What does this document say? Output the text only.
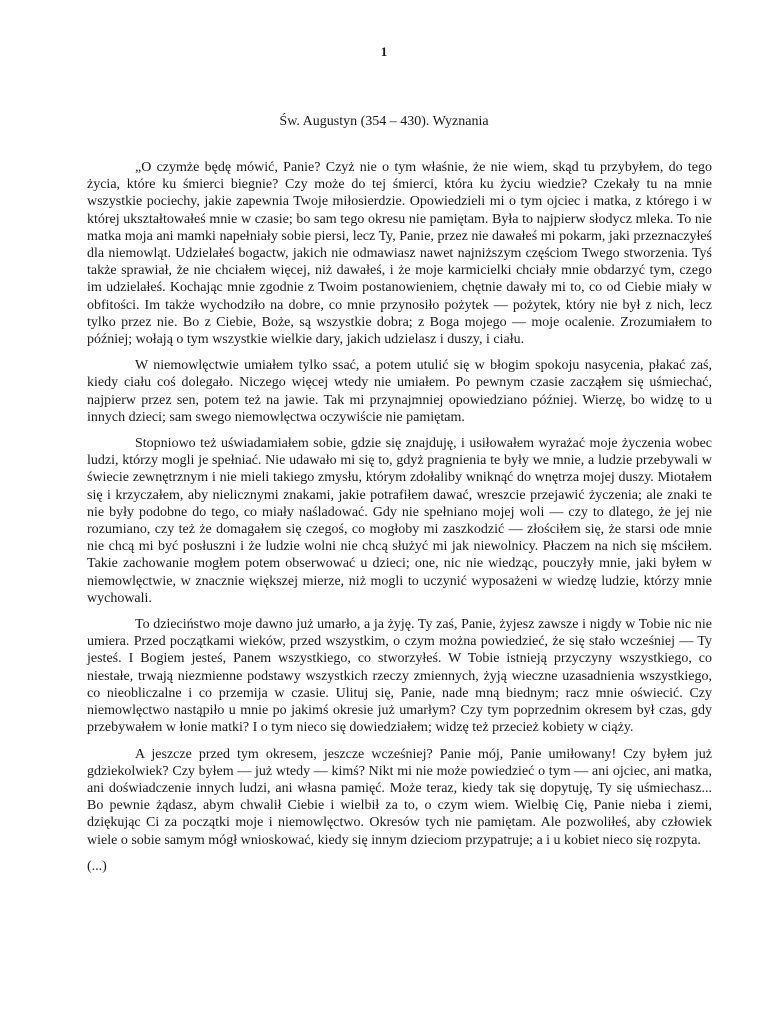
1
Św. Augustyn (354 – 430). Wyznania

„O czymże będę mówić, Panie? Czyż nie o tym właśnie, że nie wiem, skąd tu przybyłem, do tego życia, które ku śmierci biegnie? Czy może do tej śmierci, która ku życiu wiedzie? Czekały tu na mnie wszystkie pociechy, jakie zapewnia Twoje miłosierdzie. Opowiedzieli mi o tym ojciec i matka, z którego i w której ukształtowałeś mnie w czasie; bo sam tego okresu nie pamiętam. Była to najpierw słodycz mleka. To nie matka moja ani mamki napełniały sobie piersi, lecz Ty, Panie, przez nie dawałeś mi pokarm, jaki przeznaczyłeś dla niemowląt. Udzielałeś bogactw, jakich nie odmawiasz nawet najniższym częściom Twego stworzenia. Tyś także sprawiał, że nie chciałem więcej, niż dawałeś, i że moje karmicielki chciały mnie obdarzyć tym, czego im udzielałeś. Kochając mnie zgodnie z Twoim postanowieniem, chętnie dawały mi to, co od Ciebie miały w obfitości. Im także wychodziło na dobre, co mnie przynosiło pożytek — pożytek, który nie był z nich, lecz tylko przez nie. Bo z Ciebie, Boże, są wszystkie dobra; z Boga mojego — moje ocalenie. Zrozumiałem to później; wołają o tym wszystkie wielkie dary, jakich udzielasz i duszy, i ciału.

W niemowlęctwie umiałem tylko ssać, a potem utulić się w błogim spokoju nasycenia, płakać zaś, kiedy ciału coś dolegało. Niczego więcej wtedy nie umiałem. Po pewnym czasie zacząłem się uśmiechać, najpierw przez sen, potem też na jawie. Tak mi przynajmniej opowiedziano później. Wierzę, bo widzę to u innych dzieci; sam swego niemowlęctwa oczywiście nie pamiętam.

Stopniowo też uświadamiałem sobie, gdzie się znajduję, i usiłowałem wyrażać moje życzenia wobec ludzi, którzy mogli je spełniać. Nie udawało mi się to, gdyż pragnienia te były we mnie, a ludzie przebywali w świecie zewnętrznym i nie mieli takiego zmysłu, którym zdołaliby wniknąć do wnętrza mojej duszy. Miotałem się i krzyczałem, aby nielicznymi znakami, jakie potrafiłem dawać, wreszcie przejawić życzenia; ale znaki te nie były podobne do tego, co miały naśladować. Gdy nie spełniano mojej woli — czy to dlatego, że jej nie rozumiano, czy też że domagałem się czegoś, co mogłoby mi zaszkodzić — złościłem się, że starsi ode mnie nie chcą mi być posłuszni i że ludzie wolni nie chcą służyć mi jak niewolnicy. Płaczem na nich się mściłem. Takie zachowanie mogłem potem obserwować u dzieci; one, nic nie wiedząc, pouczyły mnie, jaki byłem w niemowlęctwie, w znacznie większej mierze, niż mogli to uczynić wyposażeni w wiedzę ludzie, którzy mnie wychowali.

To dzieciństwo moje dawno już umarło, a ja żyję. Ty zaś, Panie, żyjesz zawsze i nigdy w Tobie nic nie umiera. Przed początkami wieków, przed wszystkim, o czym można powiedzieć, że się stało wcześniej — Ty jesteś. I Bogiem jesteś, Panem wszystkiego, co stworzyłeś. W Tobie istnieją przyczyny wszystkiego, co niestałe, trwają niezmienne podstawy wszystkich rzeczy zmiennych, żyją wieczne uzasadnienia wszystkiego, co nieobliczalne i co przemija w czasie. Ulituj się, Panie, nade mną biednym; racz mnie oświecić. Czy niemowlęctwo nastąpiło u mnie po jakimś okresie już umarłym? Czy tym poprzednim okresem był czas, gdy przebywałem w łonie matki? I o tym nieco się dowiedziałem; widzę też przecież kobiety w ciąży.

A jeszcze przed tym okresem, jeszcze wcześniej? Panie mój, Panie umiłowany! Czy byłem już gdziekolwiek? Czy byłem — już wtedy — kimś? Nikt mi nie może powiedzieć o tym — ani ojciec, ani matka, ani doświadczenie innych ludzi, ani własna pamięć. Może teraz, kiedy tak się dopytuję, Ty się uśmiechasz... Bo pewnie żądasz, abym chwalił Ciebie i wielbił za to, o czym wiem. Wielbię Cię, Panie nieba i ziemi, dziękując Ci za początki moje i niemowlęctwo. Okresów tych nie pamiętam. Ale pozwoliłeś, aby człowiek wiele o sobie samym mógł wnioskować, kiedy się innym dzieciom przypatruje; a i u kobiet nieco się rozpyta.

(...)
